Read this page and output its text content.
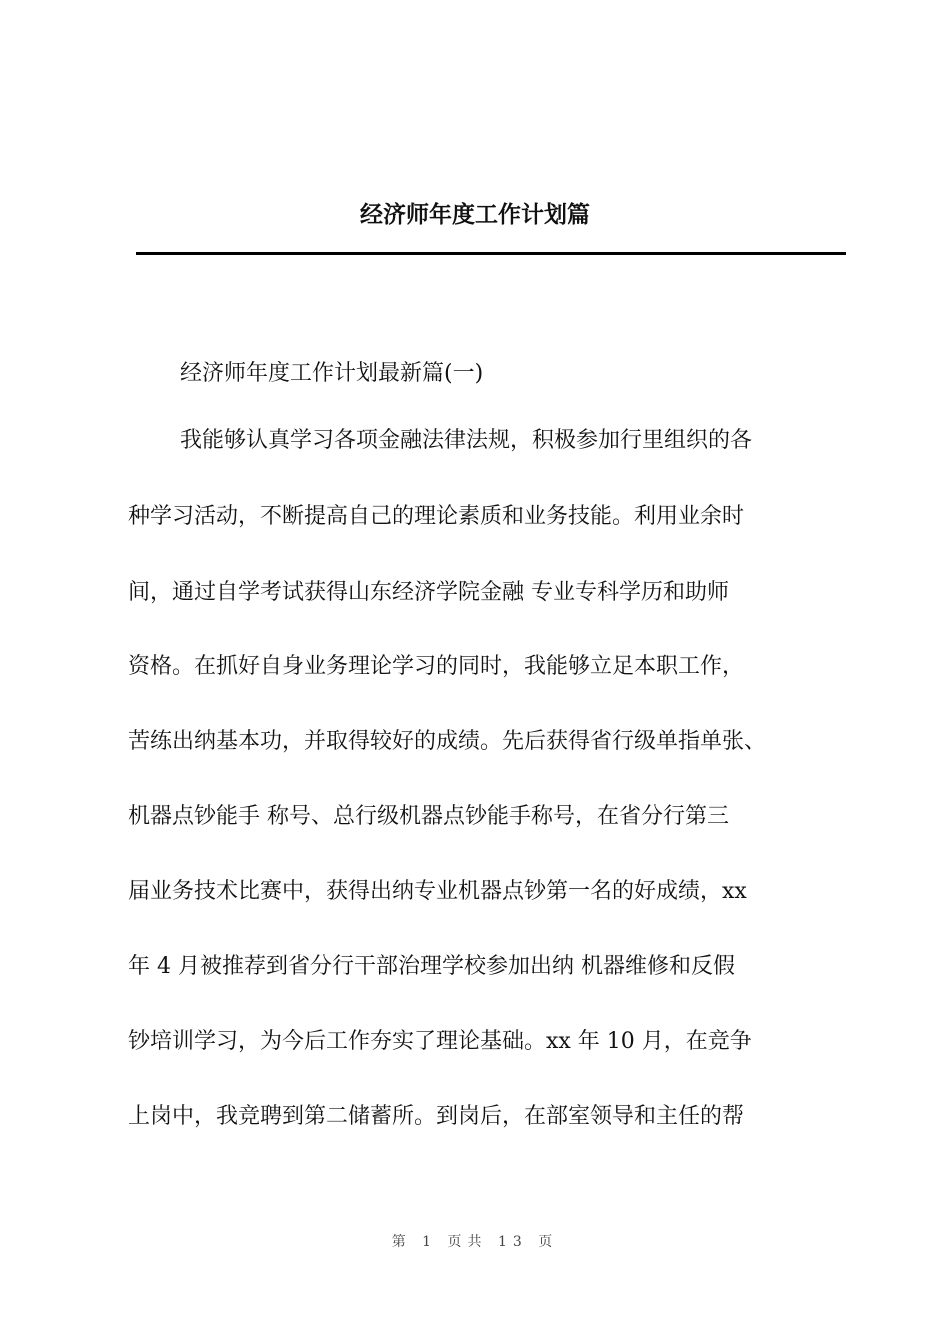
经济师年度工作计划篇
经济师年度工作计划最新篇(一)
我能够认真学习各项金融法律法规，积极参加行里组织的各
种学习活动，不断提高自己的理论素质和业务技能。利用业余时
间，通过自学考试获得山东经济学院金融 专业专科学历和助师
资格。在抓好自身业务理论学习的同时，我能够立足本职工作，
苦练出纳基本功，并取得较好的成绩。先后获得省行级单指单张、
机器点钞能手 称号、总行级机器点钞能手称号，在省分行第三
届业务技术比赛中，获得出纳专业机器点钞第一名的好成绩，xx
年 4 月被推荐到省分行干部治理学校参加出纳 机器维修和反假
钞培训学习，为今后工作夯实了理论基础。xx 年 10 月，在竞争
上岗中，我竞聘到第二储蓄所。到岗后，在部室领导和主任的帮
第 1 页共 13 页
